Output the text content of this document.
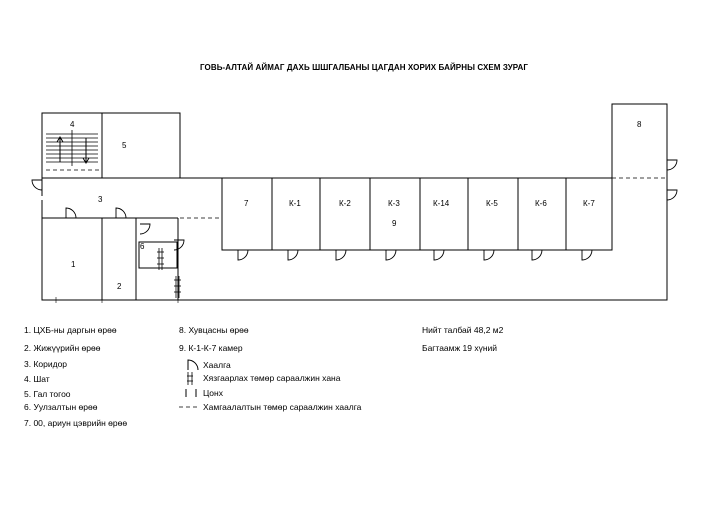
ГОВЬ-АЛТАЙ АЙМАГ ДАХЬ ШШГАЛБАНЫ ЦАГДАН ХОРИХ БАЙРНЫ СХЕМ ЗУРАГ
4
5
3
1
2
6
7	К-1	К-2	К-3
9
К-14	К-5	К-6	К-7
8
1. ЦХБ-ны даргын өрөө
2. Жижүүрийн өрөө
3. Коридор
4. Шат
5. Гал тогоо
6. Уулзалтын өрөө
7. 00, ариун цэврийн өрөө
8. Хувцасны өрөө
9. К-1-К-7 камер
Хаалга
Хязгаарлах төмөр сараалжин хана
Цонх
Хамгаалалтын төмөр сараалжин хаалга
Нийт талбай 48,2 м2
Багтаамж 19 хүний
